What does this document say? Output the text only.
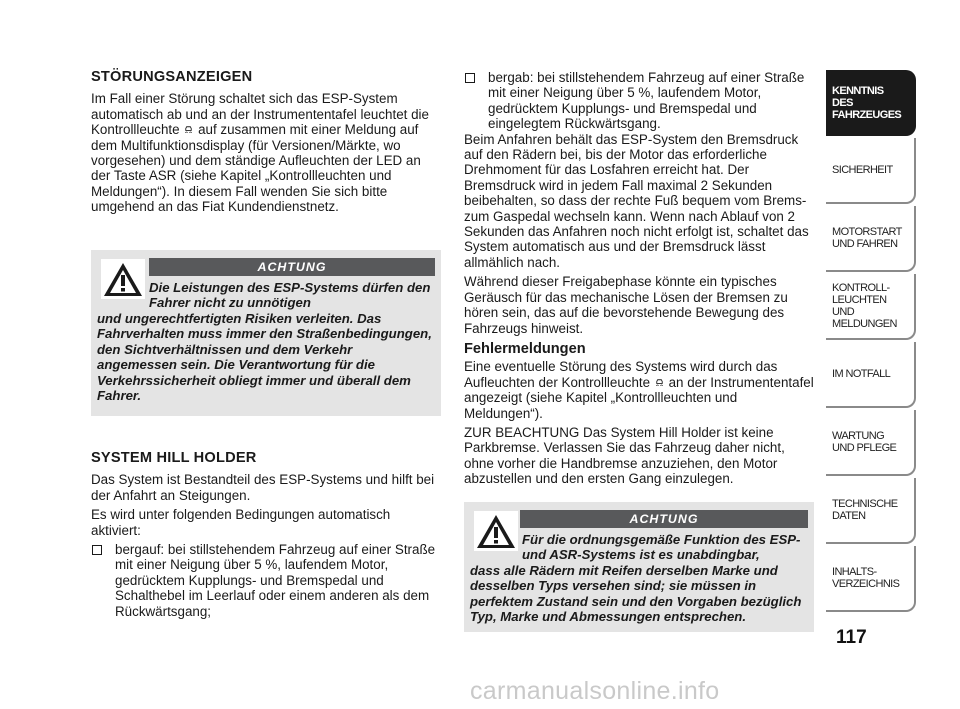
STÖRUNGSANZEIGEN

Im Fall einer Störung schaltet sich das ESP-System automatisch ab und an der Instrumententafel leuchtet die Kontrollleuchte auf zusammen mit einer Meldung auf dem Multifunktionsdisplay (für Versionen/Märkte, wo vorgesehen) und dem ständige Aufleuchten der LED an der Taste ASR (siehe Kapitel „Kontrollleuchten und Meldungen“). In diesem Fall wenden Sie sich bitte umgehend an das Fiat Kundendienstnetz.

ACHTUNG
Die Leistungen des ESP-Systems dürfen den Fahrer nicht zu unnötigen
und ungerechtfertigten Risiken verleiten. Das Fahrverhalten muss immer den Straßenbedingungen, den Sichtverhältnissen und dem Verkehr angemessen sein. Die Verantwortung für die Verkehrssicherheit obliegt immer und überall dem Fahrer.
SYSTEM HILL HOLDER

Das System ist Bestandteil des ESP-Systems und hilft bei der Anfahrt an Steigungen.

Es wird unter folgenden Bedingungen automatisch aktiviert:

bergauf: bei stillstehendem Fahrzeug auf einer Straße mit einer Neigung über 5 %, laufendem Motor, gedrücktem Kupplungs- und Bremspedal und Schalthebel im Leerlauf oder einem anderen als dem Rückwärtsgang;
bergab: bei stillstehendem Fahrzeug auf einer Straße mit einer Neigung über 5 %, laufendem Motor, gedrücktem Kupplungs- und Bremspedal und eingelegtem Rückwärtsgang.

Beim Anfahren behält das ESP-System den Bremsdruck auf den Rädern bei, bis der Motor das erforderliche Drehmoment für das Losfahren erreicht hat. Der Bremsdruck wird in jedem Fall maximal 2 Sekunden beibehalten, so dass der rechte Fuß bequem vom Brems- zum Gaspedal wechseln kann. Wenn nach Ablauf von 2 Sekunden das Anfahren noch nicht erfolgt ist, schaltet das System automatisch aus und der Bremsdruck lässt allmählich nach.

Während dieser Freigabephase könnte ein typisches Geräusch für das mechanische Lösen der Bremsen zu hören sein, das auf die bevorstehende Bewegung des Fahrzeugs hinweist.

Fehlermeldungen

Eine eventuelle Störung des Systems wird durch das Aufleuchten der Kontrollleuchte an der Instrumententafel angezeigt (siehe Kapitel „Kontrollleuchten und Meldungen“).

ZUR BEACHTUNG Das System Hill Holder ist keine Parkbremse. Verlassen Sie das Fahrzeug daher nicht, ohne vorher die Handbremse anzuziehen, den Motor abzustellen und den ersten Gang einzulegen.

ACHTUNG
Für die ordnungsgemäße Funktion des ESP- und ASR-Systems ist es unabdingbar,
dass alle Rädern mit Reifen derselben Marke und desselben Typs versehen sind; sie müssen in perfektem Zustand sein und den Vorgaben bezüglich Typ, Marke und Abmessungen entsprechen.
KENNTNIS
DES FAHRZEUGES
SICHERHEIT
MOTORSTART
UND FAHREN
KONTROLL-
LEUCHTEN
UND MELDUNGEN
IM NOTFALL
WARTUNG
UND PFLEGE
TECHNISCHE
DATEN
INHALTS-
VERZEICHNIS
117
carmanualsonline.info
